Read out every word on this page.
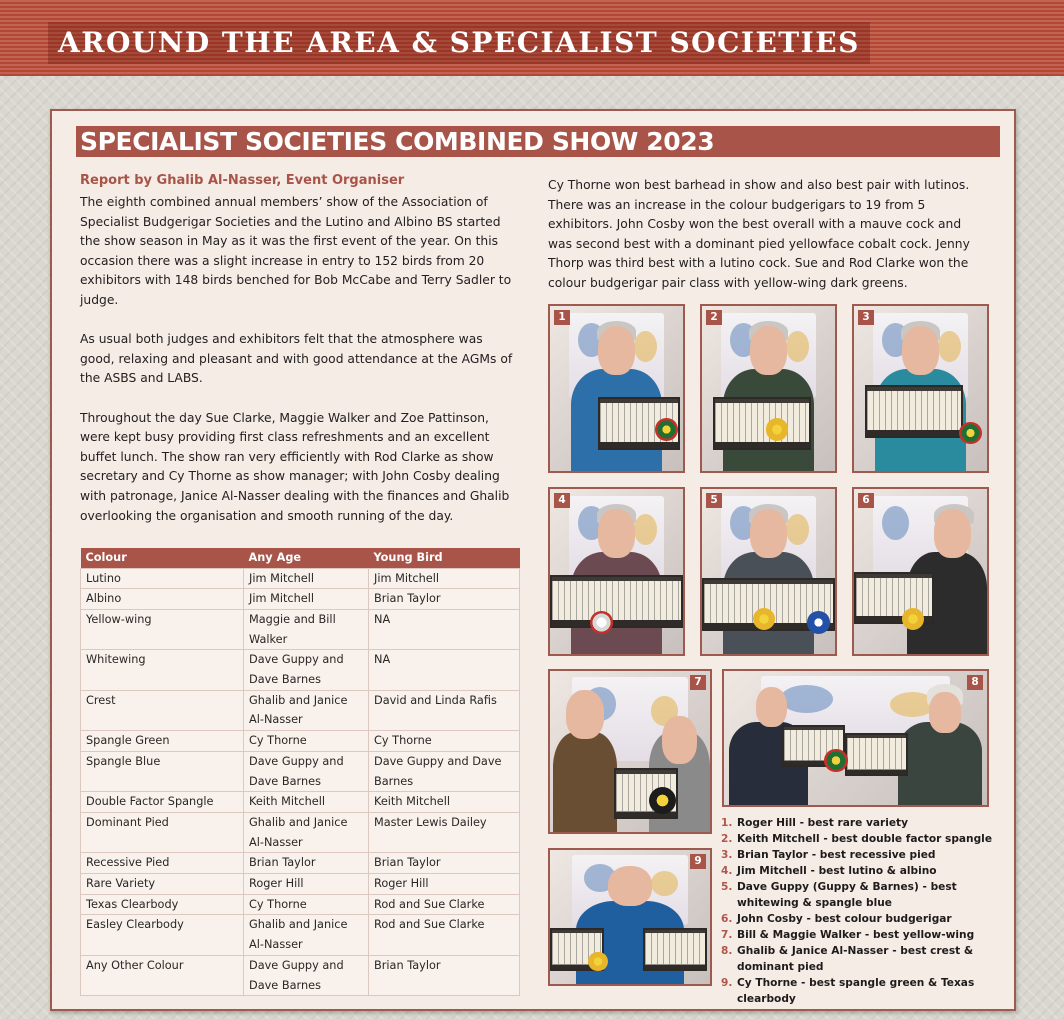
AROUND THE AREA & SPECIALIST SOCIETIES
SPECIALIST SOCIETIES COMBINED SHOW 2023
Report by Ghalib Al-Nasser, Event Organiser

The eighth combined annual members’ show of the Association of Specialist Budgerigar Societies and the Lutino and Albino BS started the show season in May as it was the first event of the year. On this occasion there was a slight increase in entry to 152 birds from 20 exhibitors with 148 birds benched for Bob McCabe and Terry Sadler to judge.

As usual both judges and exhibitors felt that the atmosphere was good, relaxing and pleasant and with good attendance at the AGMs of the ASBS and LABS.

Throughout the day Sue Clarke, Maggie Walker and Zoe Pattinson, were kept busy providing first class refreshments and an excellent buffet lunch. The show ran very efficiently with Rod Clarke as show secretary and Cy Thorne as show manager; with John Cosby dealing with patronage, Janice Al-Nasser dealing with the finances and Ghalib overlooking the organisation and smooth running of the day.

Cy Thorne won best barhead in show and also best pair with lutinos. There was an increase in the colour budgerigars to 19 from 5 exhibitors. John Cosby won the best overall with a mauve cock and was second best with a dominant pied yellowface cobalt cock. Jenny Thorp was third best with a lutino cock. Sue and Rod Clarke won the colour budgerigar pair class with yellow-wing dark greens.
Colour	Any Age	Young Bird
Lutino	Jim Mitchell	Jim Mitchell
Albino	Jim Mitchell	Brian Taylor
Yellow-wing	Maggie and Bill Walker	NA
Whitewing	Dave Guppy and Dave Barnes	NA
Crest	Ghalib and Janice Al-Nasser	David and Linda Rafis
Spangle Green	Cy Thorne	Cy Thorne
Spangle Blue	Dave Guppy and Dave Barnes	Dave Guppy and Dave Barnes
Double Factor Spangle	Keith Mitchell	Keith Mitchell
Dominant Pied	Ghalib and Janice Al-Nasser	Master Lewis Dailey
Recessive Pied	Brian Taylor	Brian Taylor
Rare Variety	Roger Hill	Roger Hill
Texas Clearbody	Cy Thorne	Rod and Sue Clarke
Easley Clearbody	Ghalib and Janice Al-Nasser	Rod and Sue Clarke
Any Other Colour	Dave Guppy and Dave Barnes	Brian Taylor
1	2	3
4	5	6
7	8
9
1. Roger Hill - best rare variety
2. Keith Mitchell - best double factor spangle
3. Brian Taylor - best recessive pied
4. Jim Mitchell - best lutino & albino
5. Dave Guppy (Guppy & Barnes) - best whitewing & spangle blue
6. John Cosby - best colour budgerigar
7. Bill & Maggie Walker - best yellow-wing
8. Ghalib & Janice Al-Nasser - best crest & dominant pied
9. Cy Thorne - best spangle green & Texas clearbody
